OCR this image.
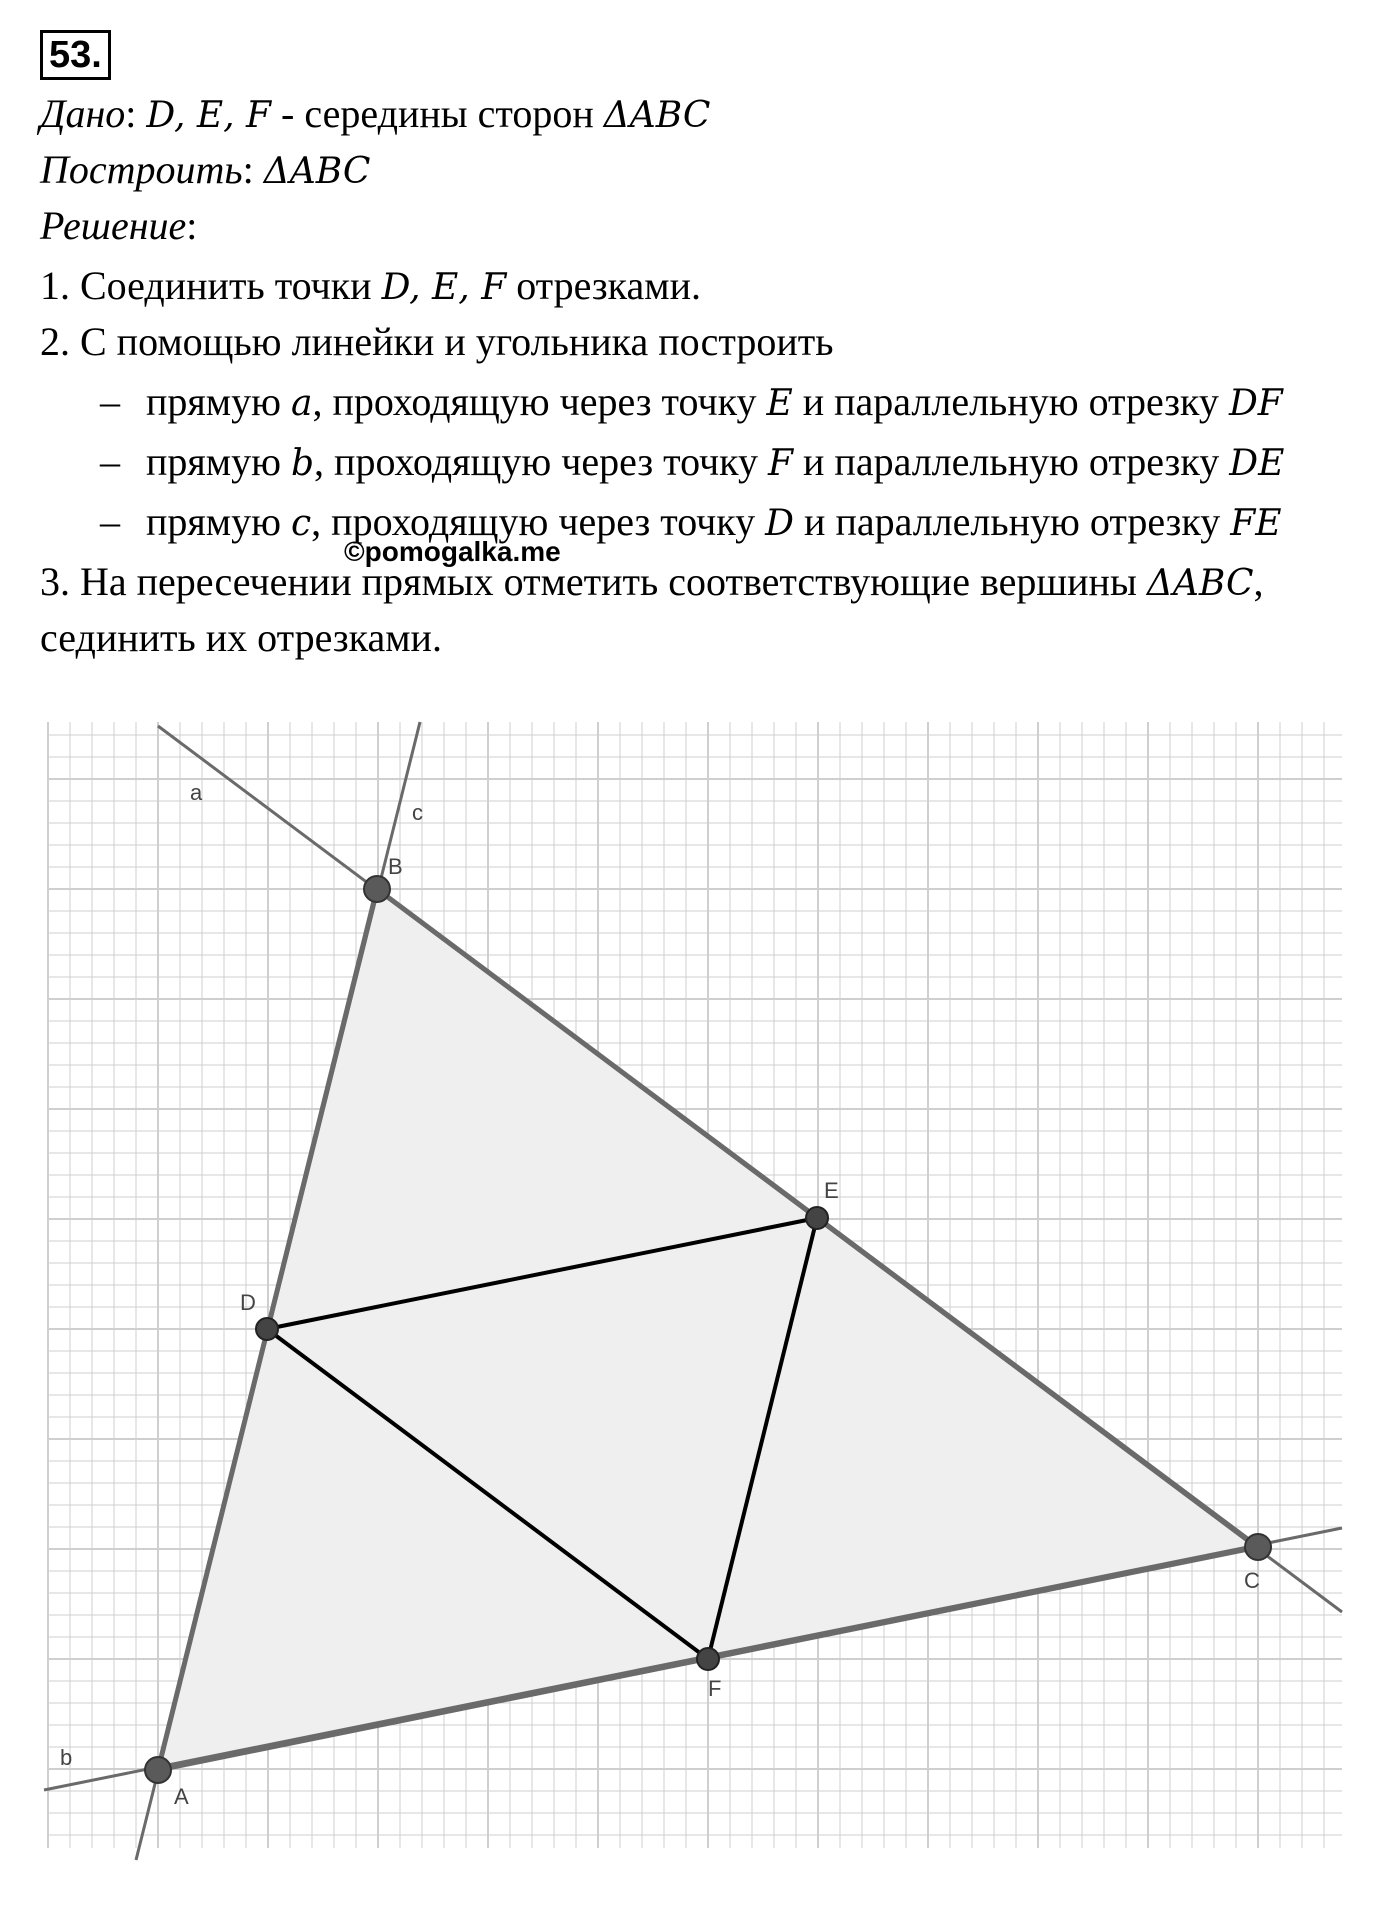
53.
Дано: D, E, F - середины сторон ΔABC
Построить: ΔABC
Решение:
1. Соединить точки D, E, F отрезками.
2. С помощью линейки и угольника построить
– прямую a, проходящую через точку E и параллельную отрезку DF
– прямую b, проходящую через точку F и параллельную отрезку DE
– прямую c, проходящую через точку D и параллельную отрезку FE
©pomogalka.me
3. На пересечении прямых отметить соответствующие вершины ΔABC,
сединить их отрезками.
a
c
b
A
B
C
D
E
F
